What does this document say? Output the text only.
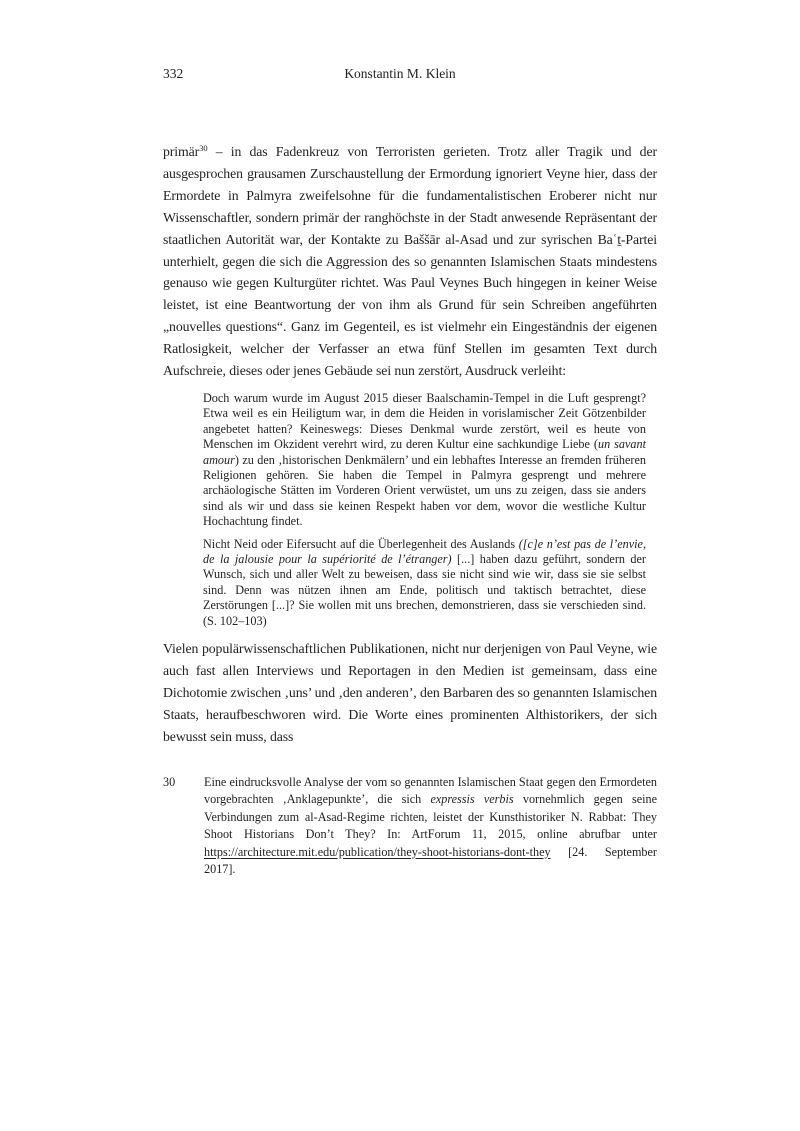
332	Konstantin M. Klein

primär$^{30}$ – in das Fadenkreuz von Terroristen gerieten. Trotz aller Tragik und der ausgesprochen grausamen Zurschaustellung der Ermordung ignoriert Veyne hier, dass der Ermordete in Palmyra zweifelsohne für die fundamentalistischen Eroberer nicht nur Wissenschaftler, sondern primär der ranghöchste in der Stadt anwesende Repräsentant der staatlichen Autorität war, der Kontakte zu Baššār al-Asad und zur syrischen Baʿṯ-Partei unterhielt, gegen die sich die Aggression des so genannten Islamischen Staats mindestens genauso wie gegen Kulturgüter richtet. Was Paul Veynes Buch hingegen in keiner Weise leistet, ist eine Beantwortung der von ihm als Grund für sein Schreiben angeführten „nouvelles questions“. Ganz im Gegenteil, es ist vielmehr ein Eingeständnis der eigenen Ratlosigkeit, welcher der Verfasser an etwa fünf Stellen im gesamten Text durch Aufschreie, dieses oder jenes Gebäude sei nun zerstört, Ausdruck verleiht:

Doch warum wurde im August 2015 dieser Baalschamin-Tempel in die Luft gesprengt? Etwa weil es ein Heiligtum war, in dem die Heiden in vorislamischer Zeit Götzenbilder angebetet hatten? Keineswegs: Dieses Denkmal wurde zerstört, weil es heute von Menschen im Okzident verehrt wird, zu deren Kultur eine sachkundige Liebe (un savant amour) zu den ‚historischen Denkmälern’ und ein lebhaftes Interesse an fremden früheren Religionen gehören. Sie haben die Tempel in Palmyra gesprengt und mehrere archäologische Stätten im Vorderen Orient verwüstet, um uns zu zeigen, dass sie anders sind als wir und dass sie keinen Respekt haben vor dem, wovor die westliche Kultur Hochachtung findet.

Nicht Neid oder Eifersucht auf die Überlegenheit des Auslands ([c]e n’est pas de l’envie, de la jalousie pour la supériorité de l’étranger) [...] haben dazu geführt, sondern der Wunsch, sich und aller Welt zu beweisen, dass sie nicht sind wie wir, dass sie sie selbst sind. Denn was nützen ihnen am Ende, politisch und taktisch betrachtet, diese Zerstörungen [...]? Sie wollen mit uns brechen, demonstrieren, dass sie verschieden sind. (S. 102–103)

Vielen populärwissenschaftlichen Publikationen, nicht nur derjenigen von Paul Veyne, wie auch fast allen Interviews und Reportagen in den Medien ist gemeinsam, dass eine Dichotomie zwischen ‚uns’ und ‚den anderen’, den Barbaren des so genannten Islamischen Staats, heraufbeschworen wird. Die Worte eines prominenten Althistorikers, der sich bewusst sein muss, dass

30 Eine eindrucksvolle Analyse der vom so genannten Islamischen Staat gegen den Ermordeten vorgebrachten ‚Anklagepunkte’, die sich expressis verbis vornehmlich gegen seine Verbindungen zum al-Asad-Regime richten, leistet der Kunsthistoriker N. Rabbat: They Shoot Historians Don’t They? In: ArtForum 11, 2015, online abrufbar unter https://architecture.mit.edu/publication/they-shoot-historians-dont-they [24. September 2017].
